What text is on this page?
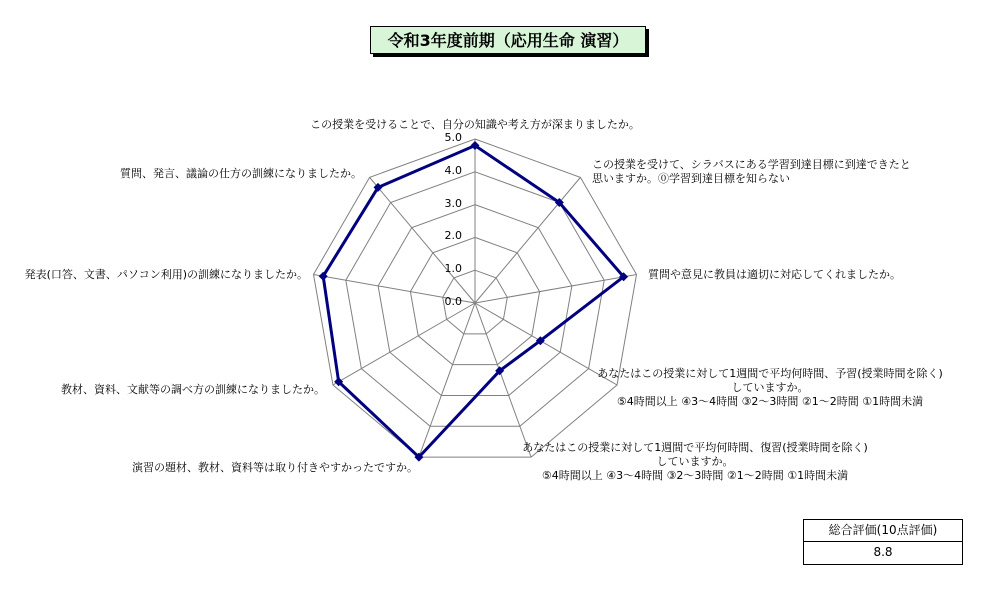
令和3年度前期（応用生命 演習）
0.0
1.0
2.0
3.0
4.0
5.0
この授業を受けることで、自分の知識や考え方が深まりましたか。
この授業を受けて、シラバスにある学習到達目標に到達できたと
思いますか。⓪学習到達目標を知らない
質問や意見に教員は適切に対応してくれましたか。
あなたはこの授業に対して1週間で平均何時間、予習(授業時間を除く)
していますか。
⑤4時間以上 ④3～4時間 ③2～3時間 ②1～2時間 ①1時間未満
あなたはこの授業に対して1週間で平均何時間、復習(授業時間を除く)
していますか。
⑤4時間以上 ④3～4時間 ③2～3時間 ②1～2時間 ①1時間未満
演習の題材、教材、資料等は取り付きやすかったですか。
教材、資料、文献等の調べ方の訓練になりましたか。
発表(口答、文書、パソコン利用)の訓練になりましたか。
質問、発言、議論の仕方の訓練になりましたか。
総合評価(10点評価)
8.8
